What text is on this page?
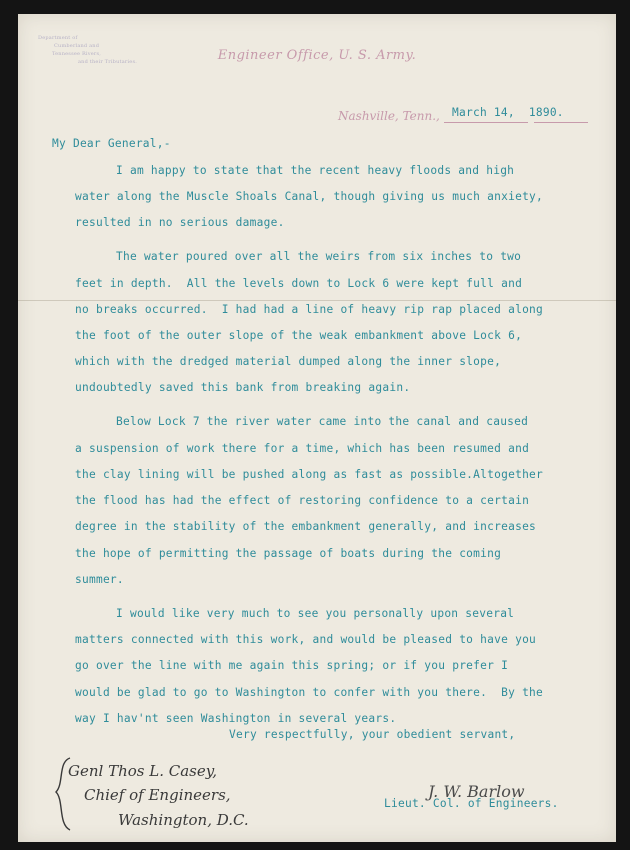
Department of
Cumberland and
Tennessee Rivers,
and their Tributaries.	Engineer Office, U. S. Army.
Nashville, Tenn., March 14, 1890.
My Dear General,-
I am happy to state that the recent heavy floods and high
water along the Muscle Shoals Canal, though giving us much anxiety,
resulted in no serious damage.
The water poured over all the weirs from six inches to two
feet in depth.  All the levels down to Lock 6 were kept full and
no breaks occurred.  I had had a line of heavy rip rap placed along
the foot of the outer slope of the weak embankment above Lock 6,
which with the dredged material dumped along the inner slope,
undoubtedly saved this bank from breaking again.
Below Lock 7 the river water came into the canal and caused
a suspension of work there for a time, which has been resumed and
the clay lining will be pushed along as fast as possible.Altogether
the flood has had the effect of restoring confidence to a certain
degree in the stability of the embankment generally, and increases
the hope of permitting the passage of boats during the coming
summer.
I would like very much to see you personally upon several
matters connected with this work, and would be pleased to have you
go over the line with me again this spring; or if you prefer I
would be glad to go to Washington to confer with you there.  By the
way I hav'nt seen Washington in several years.
Very respectfully, your obedient servant,
J. W. Barlow
Lieut. Col. of Engineers.
Genl Thos L. Casey,
Chief of Engineers,
Washington, D.C.
